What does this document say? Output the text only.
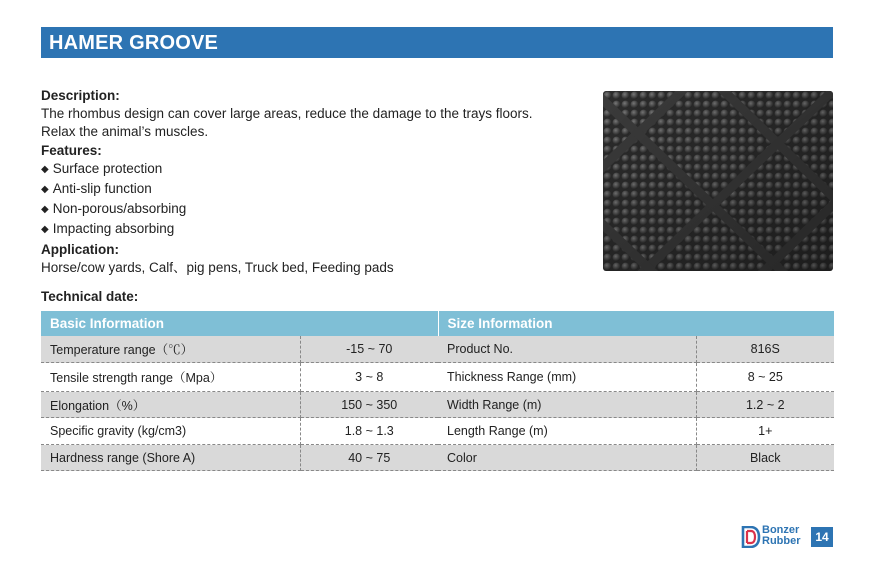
HAMER GROOVE
Description:
The rhombus design can cover large areas, reduce the damage to the trays floors.
Relax the animal’s muscles.
Features:
◆ Surface protection
◆ Anti-slip function
◆ Non-porous/absorbing
◆ Impacting absorbing
Application:
Horse/cow yards, Calf、pig pens, Truck bed, Feeding pads
Technical date:
Basic Information		Size Information	
Temperature range（℃）	-15 ~ 70	Product No.	816S
Tensile strength range（Mpa）	3 ~ 8	Thickness Range (mm)	8 ~ 25
Elongation（%）	150 ~ 350	Width Range (m)	1.2 ~ 2
Specific gravity (kg/cm3)	1.8 ~ 1.3	Length Range (m)	1+
Hardness range (Shore A)	40 ~ 75	Color	Black
Bonzer
Rubber	14
